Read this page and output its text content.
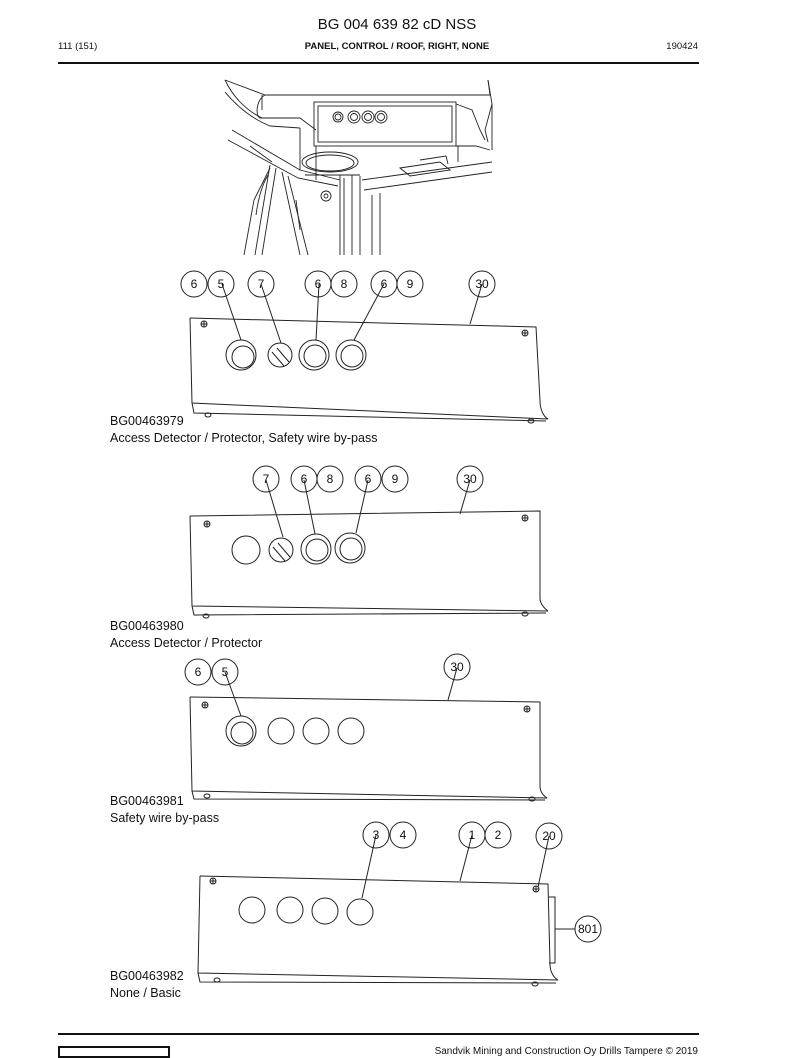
BG 004 639 82 cD NSS
111 (151)	PANEL, CONTROL / ROOF, RIGHT, NONE	190424
6 5	7	6 8	6 9	30
7	6 8	6 9	30
6 5	30
3 4	1 2	20
801
BG00463979
Access Detector / Protector, Safety wire by-pass
BG00463980
Access Detector / Protector
BG00463981
Safety wire by-pass
BG00463982
None / Basic
Sandvik Mining and Construction Oy Drills Tampere © 2019
